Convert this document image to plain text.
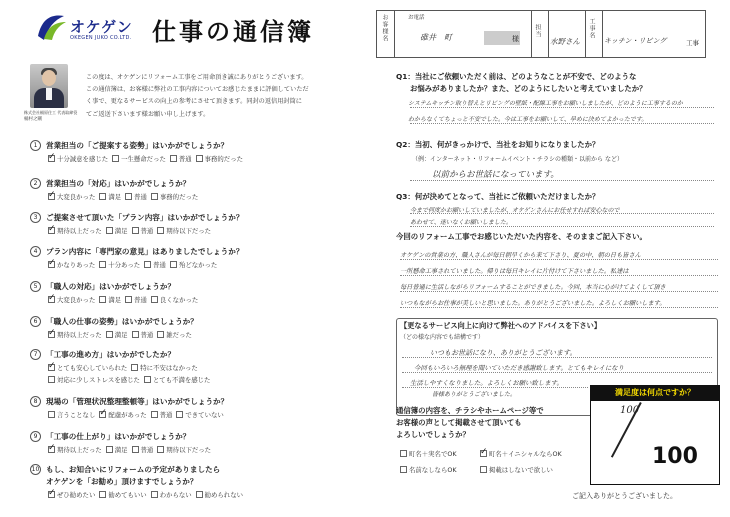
オケゲン
OKEGEN JUKO CO.LTD. 仕事の通信簿
株式会社桶原住工 代表取締役
桶村之剛
この度は、オケゲンにリフォーム工事をご用命頂き誠にありがとうございます。
この通信簿は、お客様に弊社の工事内容についてお感じたままに評価していただ
く事で、更なるサービスの向上の参考にさせて頂きます。同封の返信用封筒に
てご返送下さいます様お願い申し上げます。
1	営業担当の「ご提案する姿勢」はいかがでしょうか？
✓
十分誠意を感じた 一生懸命だった 普通 事務的だった
2	営業担当の「対応」はいかがでしょうか？
✓
大変良かった 満足 普通 事務的だった
3	ご提案させて頂いた「プラン内容」はいかがでしょうか？
✓
期待以上だった 満足 普通 期待以下だった
4	プラン内容に「専門家の意見」はありましたでしょうか？
✓
かなりあった 十分あった 普通 殆どなかった
5	「職人の対応」はいかがでしょうか？
✓
大変良かった 満足 普通 良くなかった
6	「職人の仕事の姿勢」はいかがでしょうか？
✓
期待以上だった 満足 普通 雑だった
7	「工事の進め方」はいかがでしたか？
✓
とても安心していられた 特に不安はなかった
対応に少しストレスを感じた とても不満を感じた
8	現場の「管理状況整理整頓等」はいかがでしょうか？
言うことなし ✓ 配慮があった 普通 できていない
9	「工事の仕上がり」はいかがでしょうか？
✓
期待以上だった 満足 普通 期待以下だった
10 もし、お知合いにリフォームの予定がありましたら
オケゲンを「お勧め」頂けますでしょうか？
✓
ぜひ勧めたい 勧めてもいい わからない 勧められない
お客様名	担当	工事名
お電話
碓井　町	様	水野さん	キッチン・リビング	工事
Q1：当社にご依頼いただく前は、どのようなことが不安で、どのような
お悩みがありましたか？また、どのようにしたいと考えていましたか？
システムキッチン取り替えとリビングの壁紙・配線工事をお願いしましたが、どのように工事するのか
わからなくてちょっと不安でした。今は工事をお願いして、早めに決めてよかったです。
Q2：当初、何がきっかけで、当社をお知りになりましたか？
（例：インターネット・リフォームイベント・チラシの種類・以前から など）
以前からお世話になっています。
Q3：何が決めてとなって、当社にご依頼いただけましたか？
今まで何度かお願いしていましたが、オケゲンさんにお任せすれば安心なので
あわせて、迷いなくお願いしました。
今回のリフォーム工事でお感じいただいた内容を、そのままご記入下さい。
オケゲンの営業の方、職人さんが毎日朝早くから来て下さり、夏の中、朝の日も皆さん
一所懸命工事されていました。帰りは毎日キレイに片付けて下さいました。私達は
毎日普通に生活しながらリフォームすることができました。今回、本当に心がけてよくして頂き
いつもながらお仕事が美しいと思いました。ありがとうございました。よろしくお願いします。
【更なるサービス向上に向けて弊社へのアドバイスを下さい】
（どの様な内容でも結構です）
いつもお世話になり、ありがとうございます。
今回もいろいろ無理を聞いていただき感謝致します。とてもキレイになり
生活しやすくなりました。よろしくお願い致します。
皆様ありがとうございました。
通信簿の内容を、チラシやホームページ等で
お客様の声として掲載させて頂いても
よろしいでしょうか？
町名＋実名でOK ✓	町名＋イニシャルならOK
名前なしならOK	掲載はしないで欲しい
満足度は何点ですか？
100
100
ご記入ありがとうございました。
